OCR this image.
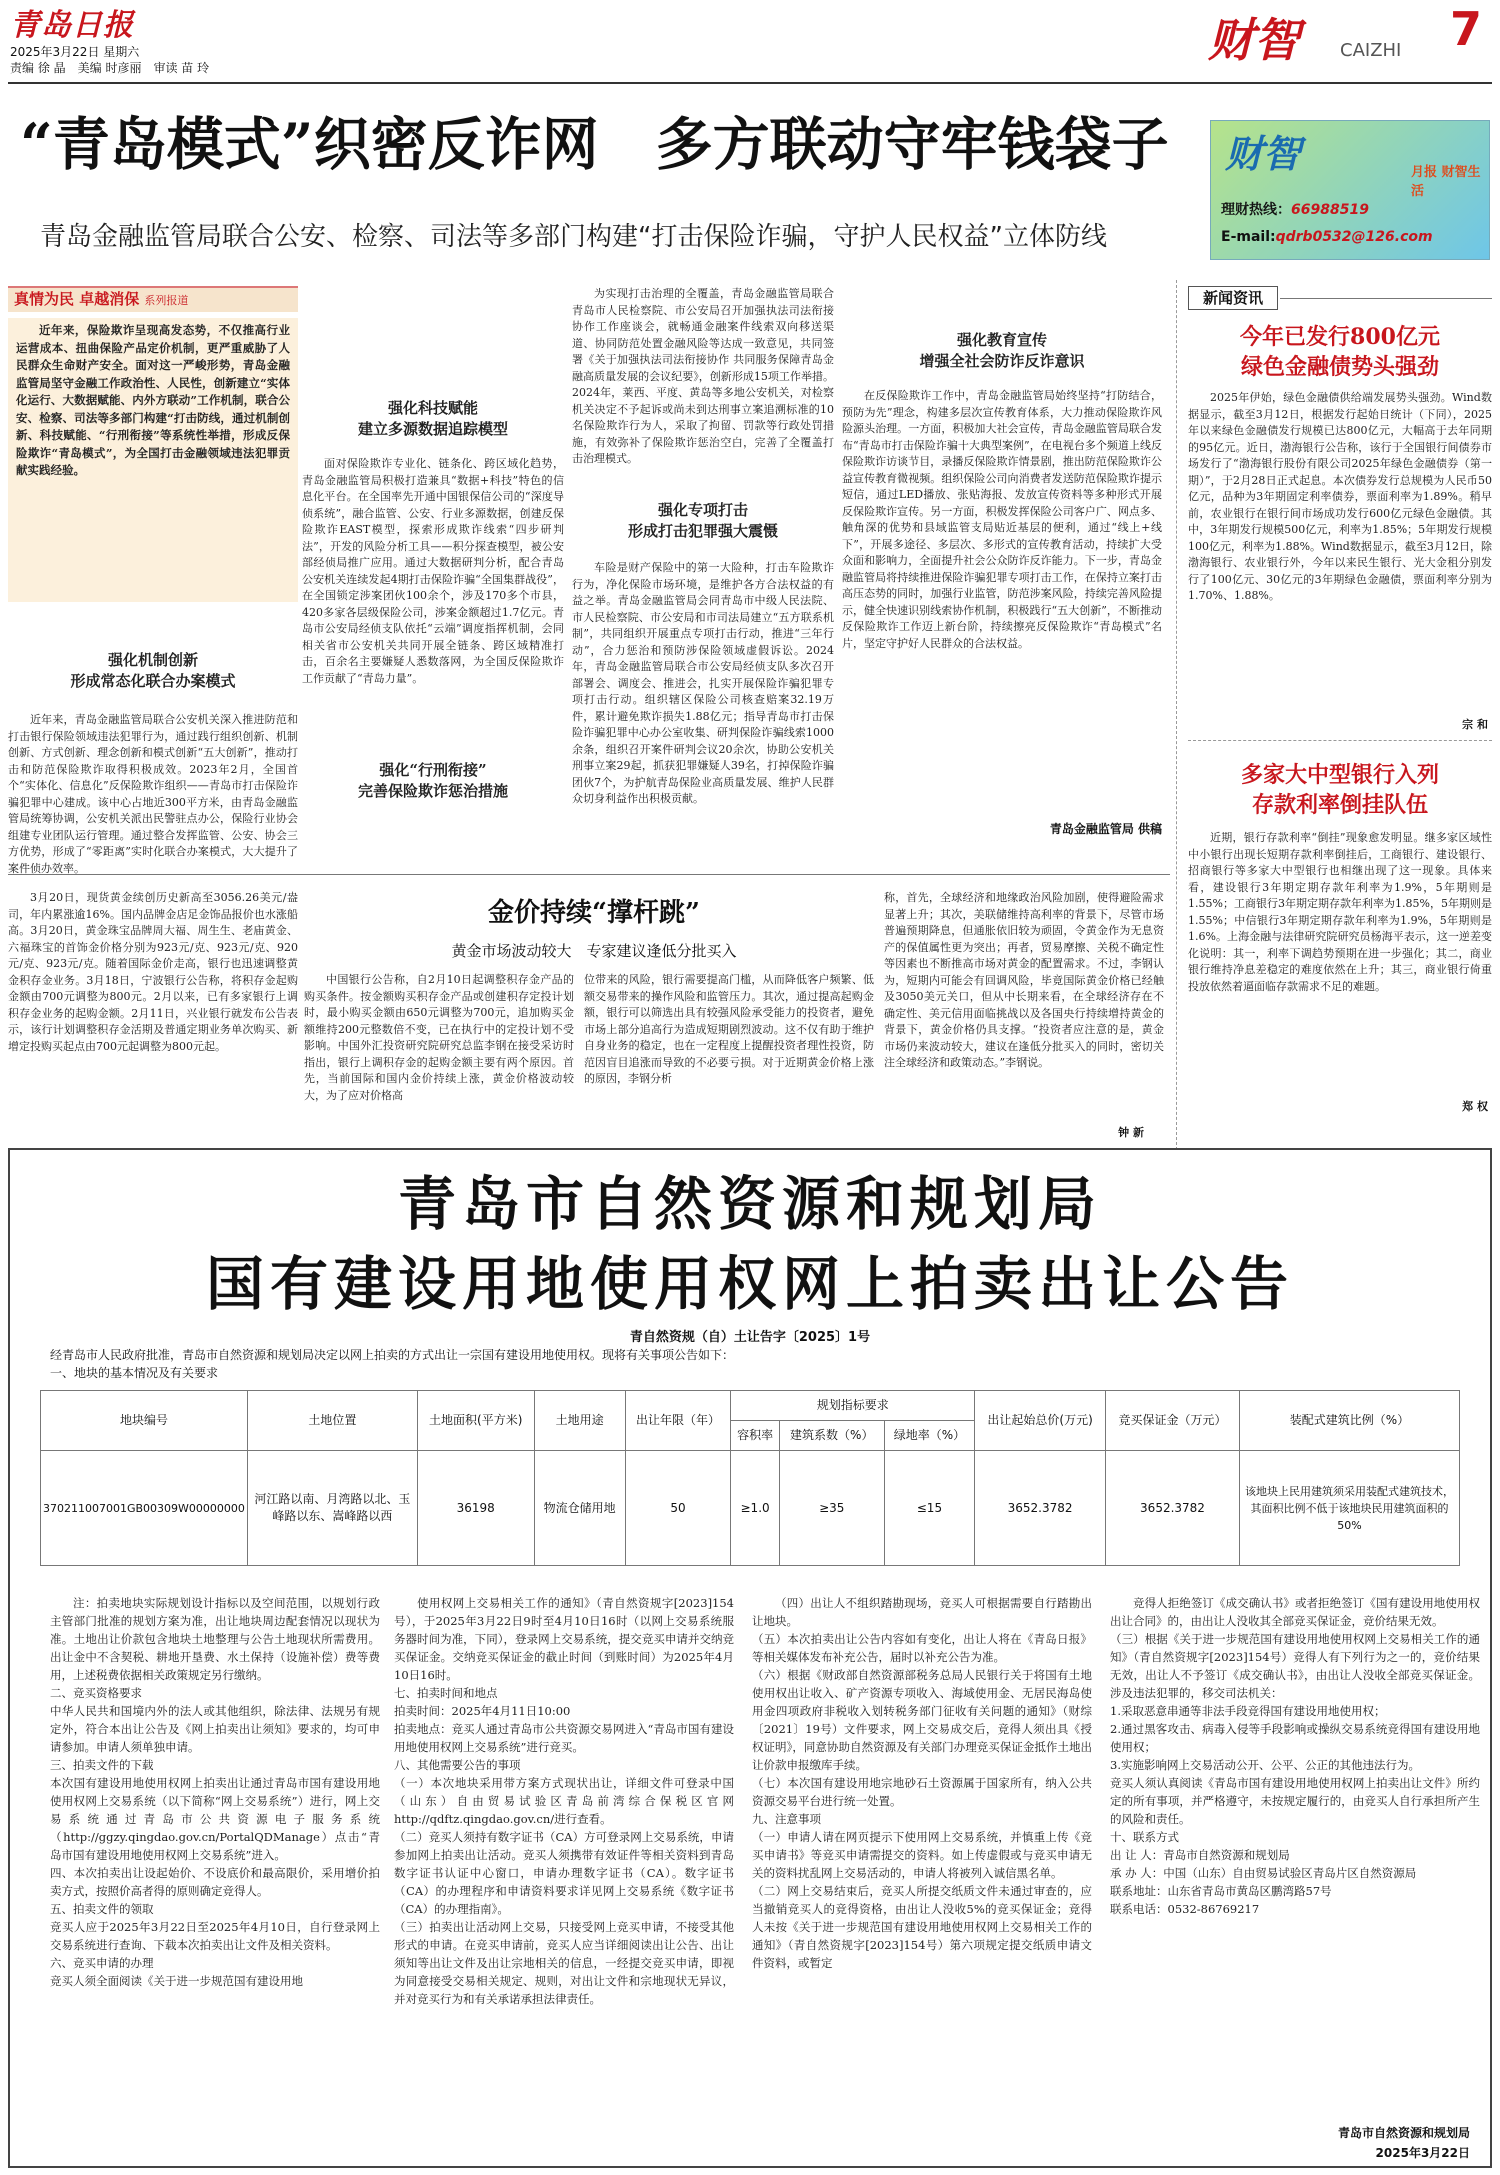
青岛日报
2025年3月22日 星期六
责编 徐 晶　美编 时彦丽　审读 苗 玲
财智	CAIZHI	7
“青岛模式”织密反诈网　多方联动守牢钱袋子
青岛金融监管局联合公安、检察、司法等多部门构建“打击保险诈骗，守护人民权益”立体防线
财智	月报 财智生活
理财热线：66988519
E-mail:qdrb0532@126.com
真情为民 卓越消保 系列报道
近年来，保险欺诈呈现高发态势，不仅推高行业运营成本、扭曲保险产品定价机制，更严重威胁了人民群众生命财产安全。面对这一严峻形势，青岛金融监管局坚守金融工作政治性、人民性，创新建立“实体化运行、大数据赋能、内外方联动”工作机制，联合公安、检察、司法等多部门构建“打击防线，通过机制创新、科技赋能、“行刑衔接”等系统性举措，形成反保险欺诈“青岛模式”，为全国打击金融领域违法犯罪贡献实践经验。
强化机制创新
形成常态化联合办案模式
近年来，青岛金融监管局联合公安机关深入推进防范和打击银行保险领域违法犯罪行为，通过践行组织创新、机制创新、方式创新、理念创新和模式创新“五大创新”，推动打击和防范保险欺诈取得积极成效。2023年2月，全国首个“实体化、信息化”反保险欺诈组织——青岛市打击保险诈骗犯罪中心建成。该中心占地近300平方米，由青岛金融监管局统筹协调，公安机关派出民警驻点办公，保险行业协会组建专业团队运行管理。通过整合发挥监管、公安、协会三方优势，形成了“零距离”实时化联合办案模式，大大提升了案件侦办效率。
强化科技赋能
建立多源数据追踪模型
面对保险欺诈专业化、链条化、跨区域化趋势，青岛金融监管局积极打造兼具“数据+科技”特色的信息化平台。在全国率先开通中国银保信公司的“深度导侦系统”，融合监管、公安、行业多源数据，创建反保险欺诈EAST模型，探索形成欺诈线索“四步研判法”，开发的风险分析工具——积分探查模型，被公安部经侦局推广应用。通过大数据研判分析，配合青岛公安机关连续发起4期打击保险诈骗“全国集群战役”，在全国锁定涉案团伙100余个，涉及170多个市县，420多家各层级保险公司，涉案金额超过1.7亿元。青岛市公安局经侦支队依托“云端”调度指挥机制，会同相关省市公安机关共同开展全链条、跨区域精准打击，百余名主要嫌疑人悉数落网，为全国反保险欺诈工作贡献了“青岛力量”。
强化“行刑衔接”
完善保险欺诈惩治措施
为实现打击治理的全覆盖，青岛金融监管局联合青岛市人民检察院、市公安局召开加强执法司法衔接协作工作座谈会，就畅通金融案件线索双向移送渠道、协同防范处置金融风险等达成一致意见，共同签署《关于加强执法司法衔接协作 共同服务保障青岛金融高质量发展的会议纪要》，创新形成15项工作举措。2024年，莱西、平度、黄岛等多地公安机关，对检察机关决定不予起诉或尚未到达刑事立案追溯标准的10名保险欺诈行为人，采取了拘留、罚款等行政处罚措施，有效弥补了保险欺诈惩治空白，完善了全覆盖打击治理模式。
强化专项打击
形成打击犯罪强大震慑
车险是财产保险中的第一大险种，打击车险欺诈行为，净化保险市场环境，是维护各方合法权益的有益之举。青岛金融监管局会同青岛市中级人民法院、市人民检察院、市公安局和市司法局建立“五方联系机制”，共同组织开展重点专项打击行动，推进“三年行动”，合力惩治和预防涉保险领域虚假诉讼。2024年，青岛金融监管局联合市公安局经侦支队多次召开部署会、调度会、推进会，扎实开展保险诈骗犯罪专项打击行动。组织辖区保险公司核查赔案32.19万件，累计避免欺诈损失1.88亿元；指导青岛市打击保险诈骗犯罪中心办公室收集、研判保险诈骗线索1000余条，组织召开案件研判会议20余次，协助公安机关刑事立案29起，抓获犯罪嫌疑人39名，打掉保险诈骗团伙7个，为护航青岛保险业高质量发展、维护人民群众切身利益作出积极贡献。
强化教育宣传
增强全社会防诈反诈意识
在反保险欺诈工作中，青岛金融监管局始终坚持“打防结合，预防为先”理念，构建多层次宣传教育体系，大力推动保险欺诈风险源头治理。一方面，积极加大社会宣传，青岛金融监管局联合发布“青岛市打击保险诈骗十大典型案例”，在电视台多个频道上线反保险欺诈访谈节目，录播反保险欺诈情景剧，推出防范保险欺诈公益宣传教育微视频。组织保险公司向消费者发送防范保险欺诈提示短信，通过LED播放、张贴海报、发放宣传资料等多种形式开展反保险欺诈宣传。另一方面，积极发挥保险公司客户广、网点多、触角深的优势和县域监管支局贴近基层的便利，通过“线上+线下”，开展多途径、多层次、多形式的宣传教育活动，持续扩大受众面和影响力，全面提升社会公众防诈反诈能力。下一步，青岛金融监管局将持续推进保险诈骗犯罪专项打击工作，在保持立案打击高压态势的同时，加强行业监管，防范涉案风险，持续完善风险提示，健全快速识别线索协作机制，积极践行“五大创新”，不断推动反保险欺诈工作迈上新台阶，持续擦亮反保险欺诈“青岛模式”名片，坚定守护好人民群众的合法权益。
青岛金融监管局 供稿
新闻资讯
今年已发行800亿元
绿色金融债势头强劲
2025年伊始，绿色金融债供给端发展势头强劲。Wind数据显示，截至3月12日，根据发行起始日统计（下同），2025年以来绿色金融债发行规模已达800亿元，大幅高于去年同期的95亿元。近日，渤海银行公告称，该行于全国银行间债券市场发行了“渤海银行股份有限公司2025年绿色金融债券（第一期）”，于2月28日正式起息。本次债券发行总规模为人民币50亿元，品种为3年期固定利率债券，票面利率为1.89%。稍早前，农业银行在银行间市场成功发行600亿元绿色金融债。其中，3年期发行规模500亿元，利率为1.85%；5年期发行规模100亿元，利率为1.88%。Wind数据显示，截至3月12日，除渤海银行、农业银行外，今年以来民生银行、光大金租分别发行了100亿元、30亿元的3年期绿色金融债，票面利率分别为1.70%、1.88%。
宗 和
多家大中型银行入列
存款利率倒挂队伍
近期，银行存款利率“倒挂”现象愈发明显。继多家区域性中小银行出现长短期存款利率倒挂后，工商银行、建设银行、招商银行等多家大中型银行也相继出现了这一现象。具体来看，建设银行3年期定期存款年利率为1.9%，5年期则是1.55%；工商银行3年期定期存款年利率为1.85%，5年期则是1.55%；中信银行3年期定期存款年利率为1.9%，5年期则是1.6%。上海金融与法律研究院研究员杨海平表示，这一逆差变化说明：其一，利率下调趋势预期在进一步强化；其二，商业银行维持净息差稳定的难度依然在上升；其三，商业银行倚重投放依然着逼面临存款需求不足的难题。
郑 权
3月20日，现货黄金续创历史新高至3056.26美元/盎司，年内累涨逾16%。国内品牌金店足金饰品报价也水涨船高。3月20日，黄金珠宝品牌周大福、周生生、老庙黄金、六福珠宝的首饰金价格分别为923元/克、923元/克、920元/克、923元/克。随着国际金价走高，银行也迅速调整黄金积存金业务。3月18日，宁波银行公告称，将积存金起购金额由700元调整为800元。2月以来，已有多家银行上调积存金业务的起购金额。2月11日，兴业银行就发布公告表示，该行计划调整积存金活期及普通定期业务单次购买、新增定投购买起点由700元起调整为800元起。
金价持续“撑杆跳”
黄金市场波动较大　专家建议逢低分批买入
中国银行公告称，自2月10日起调整积存金产品的购买条件。按金额购买积存金产品或创建积存定投计划时，最小购买金额由650元调整为700元，追加购买金额维持200元整数倍不变，已在执行中的定投计划不受影响。中国外汇投资研究院研究总监李钢在接受采访时指出，银行上调积存金的起购金额主要有两个原因。首先，当前国际和国内金价持续上涨，黄金价格波动较大，为了应对价格高
位带来的风险，银行需要提高门槛，从而降低客户频繁、低额交易带来的操作风险和监管压力。其次，通过提高起购金额，银行可以筛选出具有较强风险承受能力的投资者，避免市场上部分追高行为造成短期剧烈波动。这不仅有助于维护自身业务的稳定，也在一定程度上提醒投资者理性投资，防范因盲目追涨而导致的不必要亏损。对于近期黄金价格上涨的原因，李钢分析
称，首先，全球经济和地缘政治风险加剧，使得避险需求显著上升；其次，美联储维持高利率的背景下，尽管市场普遍预期降息，但通胀依旧较为顽固，令黄金作为无息资产的保值属性更为突出；再者，贸易摩擦、关税不确定性等因素也不断推高市场对黄金的配置需求。不过，李钢认为，短期内可能会有回调风险，毕竟国际黄金价格已经触及3050美元关口，但从中长期来看，在全球经济存在不确定性、美元信用面临挑战以及各国央行持续增持黄金的背景下，黄金价格仍具支撑。“投资者应注意的是，黄金市场仍来波动较大，建议在逢低分批买入的同时，密切关注全球经济和政策动态。”李钢说。
钟 新
青岛市自然资源和规划局
国有建设用地使用权网上拍卖出让公告
青自然资规（自）土让告字〔2025〕1号
经青岛市人民政府批准，青岛市自然资源和规划局决定以网上拍卖的方式出让一宗国有建设用地使用权。现将有关事项公告如下：
一、地块的基本情况及有关要求
地块编号	土地位置	土地面积(平方米)	土地用途	出让年限（年）	规划指标要求			出让起始总价(万元)	竞买保证金（万元）	装配式建筑比例（%）
					容积率	建筑系数（%）	绿地率（%）			
370211007001GB00309W00000000	河江路以南、月湾路以北、玉峰路以东、嵩峰路以西	36198	物流仓储用地	50	≥1.0	≥35	≤15	3652.3782	3652.3782	该地块上民用建筑须采用装配式建筑技术，其面积比例不低于该地块民用建筑面积的50%
注：拍卖地块实际规划设计指标以及空间范围，以规划行政主管部门批准的规划方案为准，出让地块周边配套情况以现状为准。土地出让价款包含地块土地整理与公告土地现状所需费用。出让金中不含契税、耕地开垦费、水土保持（设施补偿）费等费用，上述税费依据相关政策规定另行缴纳。
二、竞买资格要求
中华人民共和国境内外的法人或其他组织，除法律、法规另有规定外，符合本出让公告及《网上拍卖出让须知》要求的，均可申请参加。申请人须单独申请。
三、拍卖文件的下载
本次国有建设用地使用权网上拍卖出让通过青岛市国有建设用地使用权网上交易系统（以下简称“网上交易系统”）进行，网上交易系统通过青岛市公共资源电子服务系统（http://ggzy.qingdao.gov.cn/PortalQDManage）点击“青岛市国有建设用地使用权网上交易系统”进入。
四、本次拍卖出让设起始价、不设底价和最高限价，采用增价拍卖方式，按照价高者得的原则确定竞得人。
五、拍卖文件的领取
竞买人应于2025年3月22日至2025年4月10日，自行登录网上交易系统进行查询、下载本次拍卖出让文件及相关资料。
六、竞买申请的办理
竞买人须全面阅读《关于进一步规范国有建设用地
使用权网上交易相关工作的通知》（青自然资规字[2023]154号），于2025年3月22日9时至4月10日16时（以网上交易系统服务器时间为准，下同），登录网上交易系统，提交竞买申请并交纳竞买保证金。交纳竞买保证金的截止时间（到账时间）为2025年4月10日16时。
七、拍卖时间和地点
拍卖时间：2025年4月11日10:00
拍卖地点：竞买人通过青岛市公共资源交易网进入“青岛市国有建设用地使用权网上交易系统”进行竞买。
八、其他需要公告的事项
（一）本次地块采用带方案方式现状出让，详细文件可登录中国（山东）自由贸易试验区青岛前湾综合保税区官网 http://qdftz.qingdao.gov.cn/进行查看。
（二）竞买人须持有数字证书（CA）方可登录网上交易系统，申请参加网上拍卖出让活动。竞买人须携带有效证件等相关资料到青岛数字证书认证中心窗口，申请办理数字证书（CA）。数字证书（CA）的办理程序和申请资料要求详见网上交易系统《数字证书（CA）的办理指南》。
（三）拍卖出让活动网上交易，只接受网上竞买申请，不接受其他形式的申请。在竞买申请前，竞买人应当详细阅读出让公告、出让须知等出让文件及出让宗地相关的信息，一经提交竞买申请，即视为同意接受交易相关规定、规则，对出让文件和宗地现状无异议，并对竞买行为和有关承诺承担法律责任。
（四）出让人不组织踏勘现场，竞买人可根据需要自行踏勘出让地块。
（五）本次拍卖出让公告内容如有变化，出让人将在《青岛日报》等相关媒体发布补充公告，届时以补充公告为准。
（六）根据《财政部自然资源部税务总局人民银行关于将国有土地使用权出让收入、矿产资源专项收入、海域使用金、无居民海岛使用金四项政府非税收入划转税务部门征收有关问题的通知》（财综〔2021〕19号）文件要求，网上交易成交后，竞得人须出具《授权证明》，同意协助自然资源及有关部门办理竞买保证金抵作土地出让价款申报缴库手续。
（七）本次国有建设用地宗地砂石土资源属于国家所有，纳入公共资源交易平台进行统一处置。
九、注意事项
（一）申请人请在网页提示下使用网上交易系统，并慎重上传《竞买申请书》等竞买申请需提交的资料。如上传虚假或与竞买申请无关的资料扰乱网上交易活动的，申请人将被列入诚信黑名单。
（二）网上交易结束后，竞买人所提交纸质文件未通过审查的，应当撤销竞买人的竞得资格，由出让人没收5%的竞买保证金；竞得人未按《关于进一步规范国有建设用地使用权网上交易相关工作的通知》（青自然资规字[2023]154号）第六项规定提交纸质申请文件资料，或暂定
竞得人拒绝签订《成交确认书》或者拒绝签订《国有建设用地使用权出让合同》的，由出让人没收其全部竞买保证金，竞价结果无效。
（三）根据《关于进一步规范国有建设用地使用权网上交易相关工作的通知》（青自然资规字[2023]154号）竞得人有下列行为之一的，竞价结果无效，出让人不予签订《成交确认书》，由出让人没收全部竞买保证金。涉及违法犯罪的，移交司法机关：
1.采取恶意串通等非法手段竞得国有建设用地使用权；
2.通过黑客攻击、病毒入侵等手段影响或操纵交易系统竞得国有建设用地使用权；
3.实施影响网上交易活动公开、公平、公正的其他违法行为。
竞买人须认真阅读《青岛市国有建设用地使用权网上拍卖出让文件》所约定的所有事项，并严格遵守，未按规定履行的，由竞买人自行承担所产生的风险和责任。
十、联系方式
出 让 人：青岛市自然资源和规划局
承 办 人：中国（山东）自由贸易试验区青岛片区自然资源局
联系地址：山东省青岛市黄岛区鹏湾路57号
联系电话：0532-86769217
青岛市自然资源和规划局
2025年3月22日
